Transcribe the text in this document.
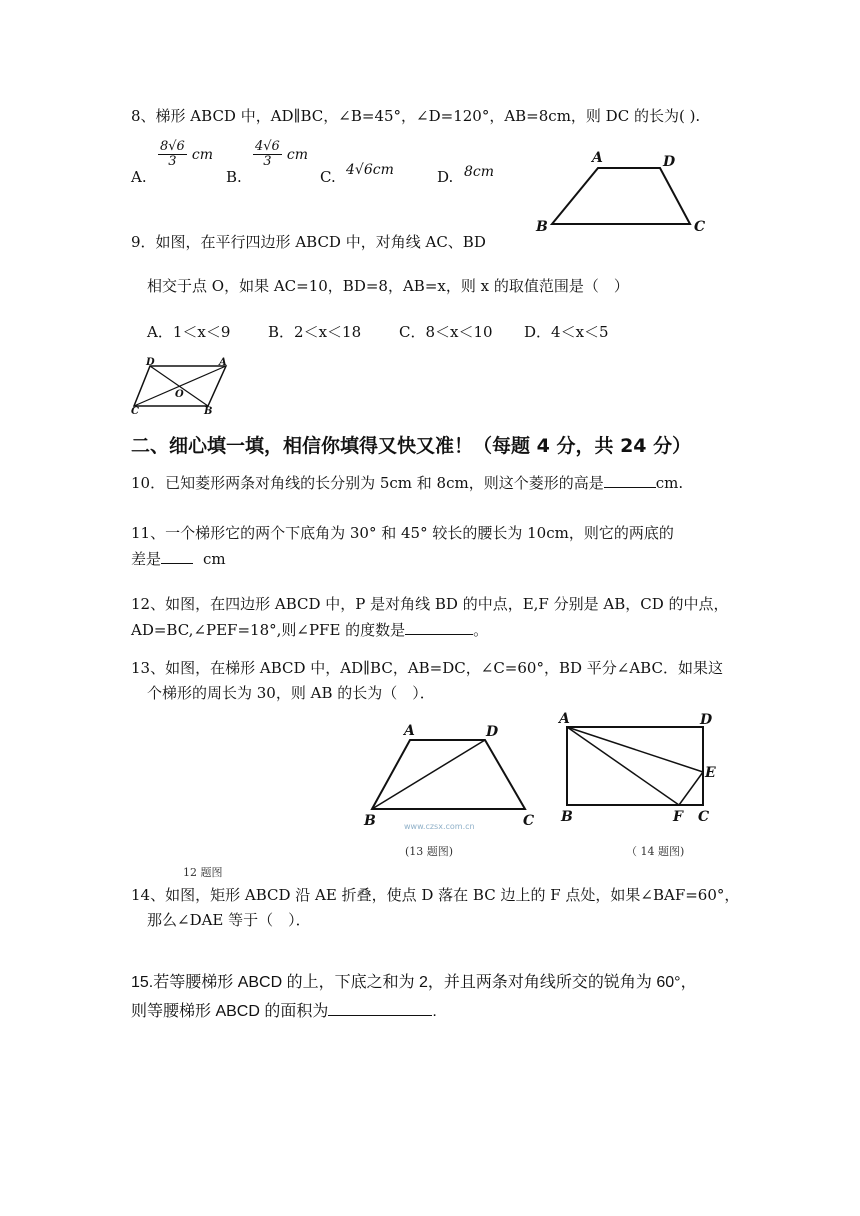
8、梯形 ABCD 中，AD∥BC，∠B=45°，∠D=120°，AB=8cm，则 DC 的长为( ).
A.
$\frac{8√6}{3}$ cm
B.
$\frac{4√6}{3}$ cm
C. 4√6cm	D. 8cm
A	D
B	C
9．如图，在平行四边形 ABCD 中，对角线 AC、BD
相交于点 O，如果 AC=10，BD=8，AB=x，则 x 的取值范围是（　）
A．1＜x＜9	B．2＜x＜18	C．8＜x＜10 D．4＜x＜5
D	A
O
C	B
二、细心填一填，相信你填得又快又准！（每题 4 分，共 24 分）
10．已知菱形两条对角线的长分别为 5cm 和 8cm，则这个菱形的高是	cm.
11、一个梯形它的两个下底角为 30° 和 45° 较长的腰长为 10cm，则它的两底的
差是	cm
12、如图，在四边形 ABCD 中，P 是对角线 BD 的中点，E,F 分别是 AB，CD 的中点，
AD=BC,∠PEF=18°,则∠PFE 的度数是	。
13、如图，在梯形 ABCD 中，AD∥BC，AB=DC，∠C=60°，BD 平分∠ABC．如果这
个梯形的周长为 30，则 AB 的长为（　）．
A	D
B	C
www.czsx.com.cn
A	D
E
B	F C
(13 题图)	（ 14 题图)
12 题图
14、如图，矩形 ABCD 沿 AE 折叠，使点 D 落在 BC 边上的 F 点处，如果∠BAF=60°，
那么∠DAE 等于（　）．
15.若等腰梯形 ABCD 的上，下底之和为 2，并且两条对角线所交的锐角为 60°，
则等腰梯形 ABCD 的面积为	.
